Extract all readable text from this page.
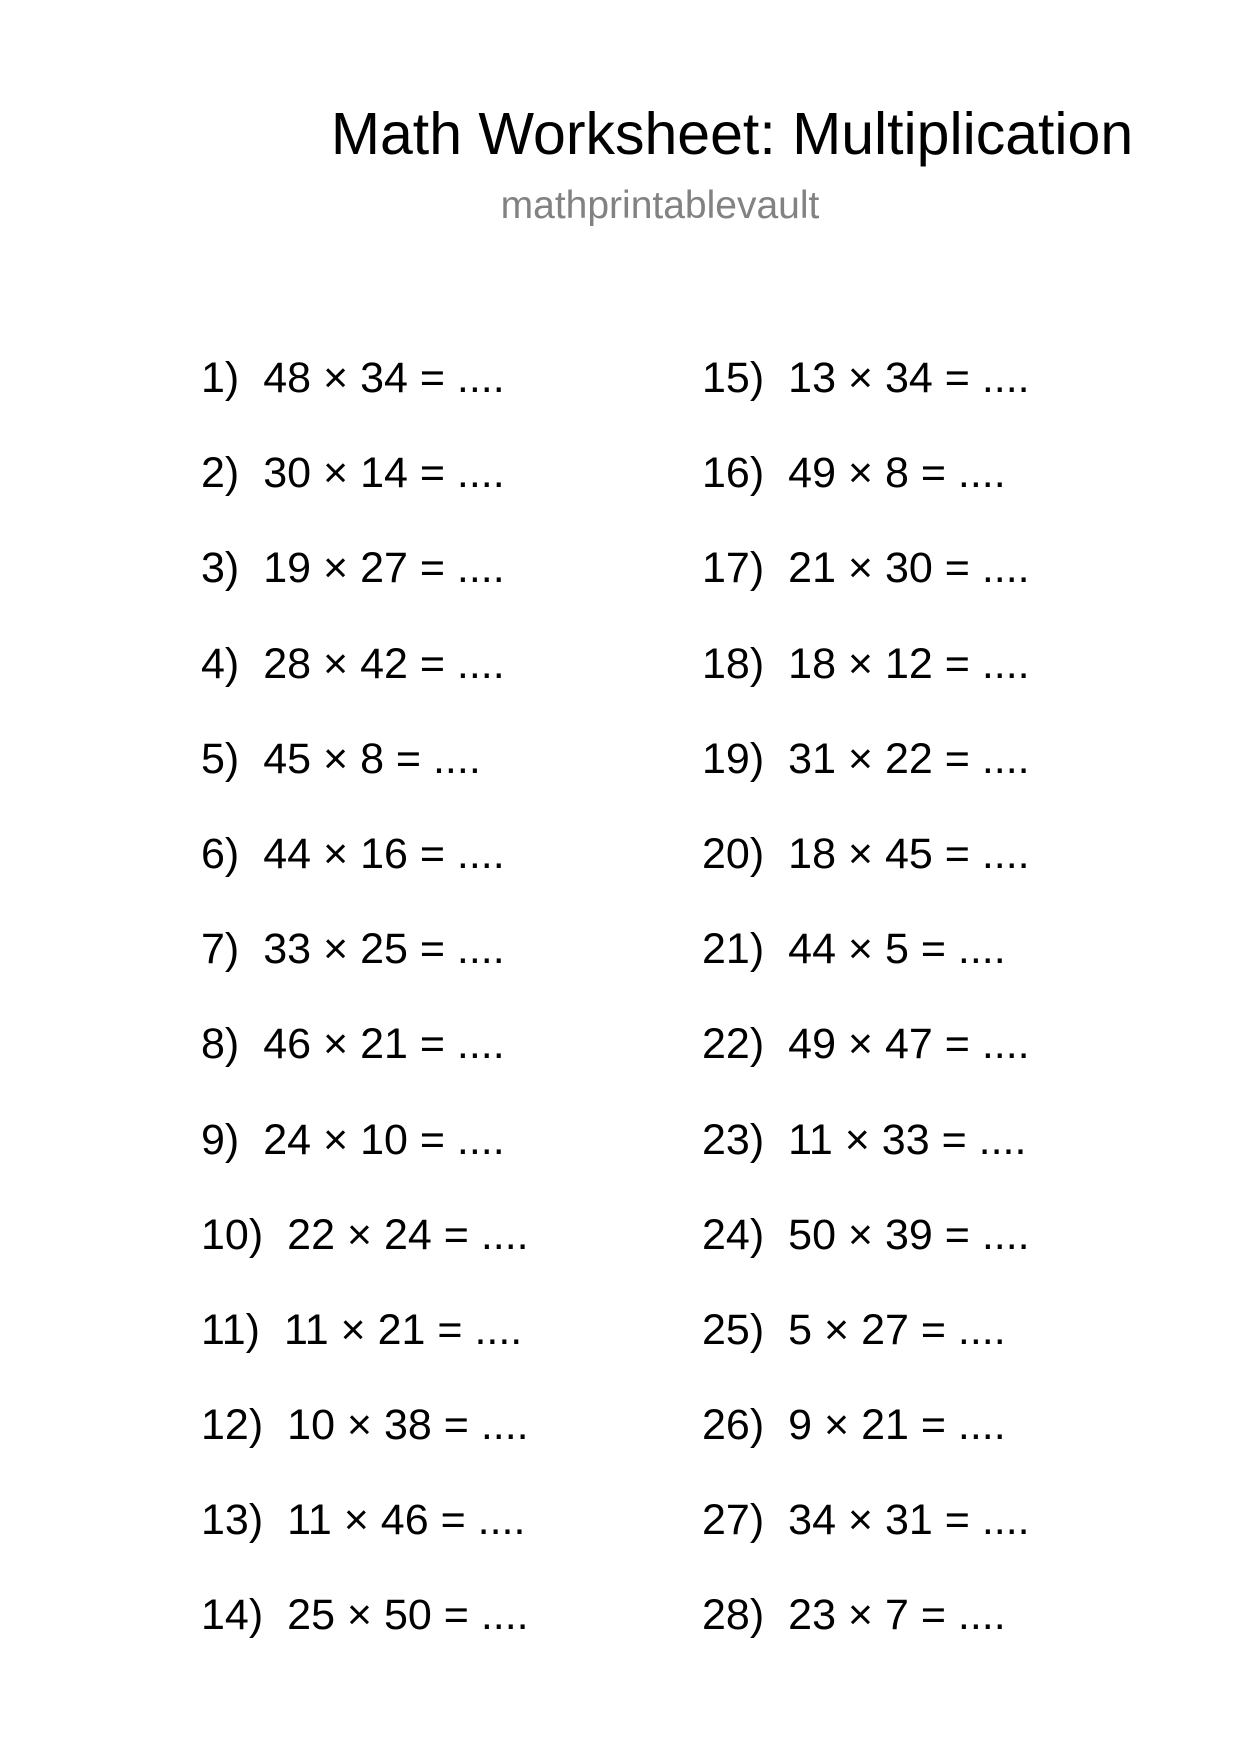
Math Worksheet: Multiplication
mathprintablevault
1) 48 × 34 = ....
2) 30 × 14 = ....
3) 19 × 27 = ....
4) 28 × 42 = ....
5) 45 × 8 = ....
6) 44 × 16 = ....
7) 33 × 25 = ....
8) 46 × 21 = ....
9) 24 × 10 = ....
10) 22 × 24 = ....
11) 11 × 21 = ....
12) 10 × 38 = ....
13) 11 × 46 = ....
14) 25 × 50 = ....
15) 13 × 34 = ....
16) 49 × 8 = ....
17) 21 × 30 = ....
18) 18 × 12 = ....
19) 31 × 22 = ....
20) 18 × 45 = ....
21) 44 × 5 = ....
22) 49 × 47 = ....
23) 11 × 33 = ....
24) 50 × 39 = ....
25) 5 × 27 = ....
26) 9 × 21 = ....
27) 34 × 31 = ....
28) 23 × 7 = ....
